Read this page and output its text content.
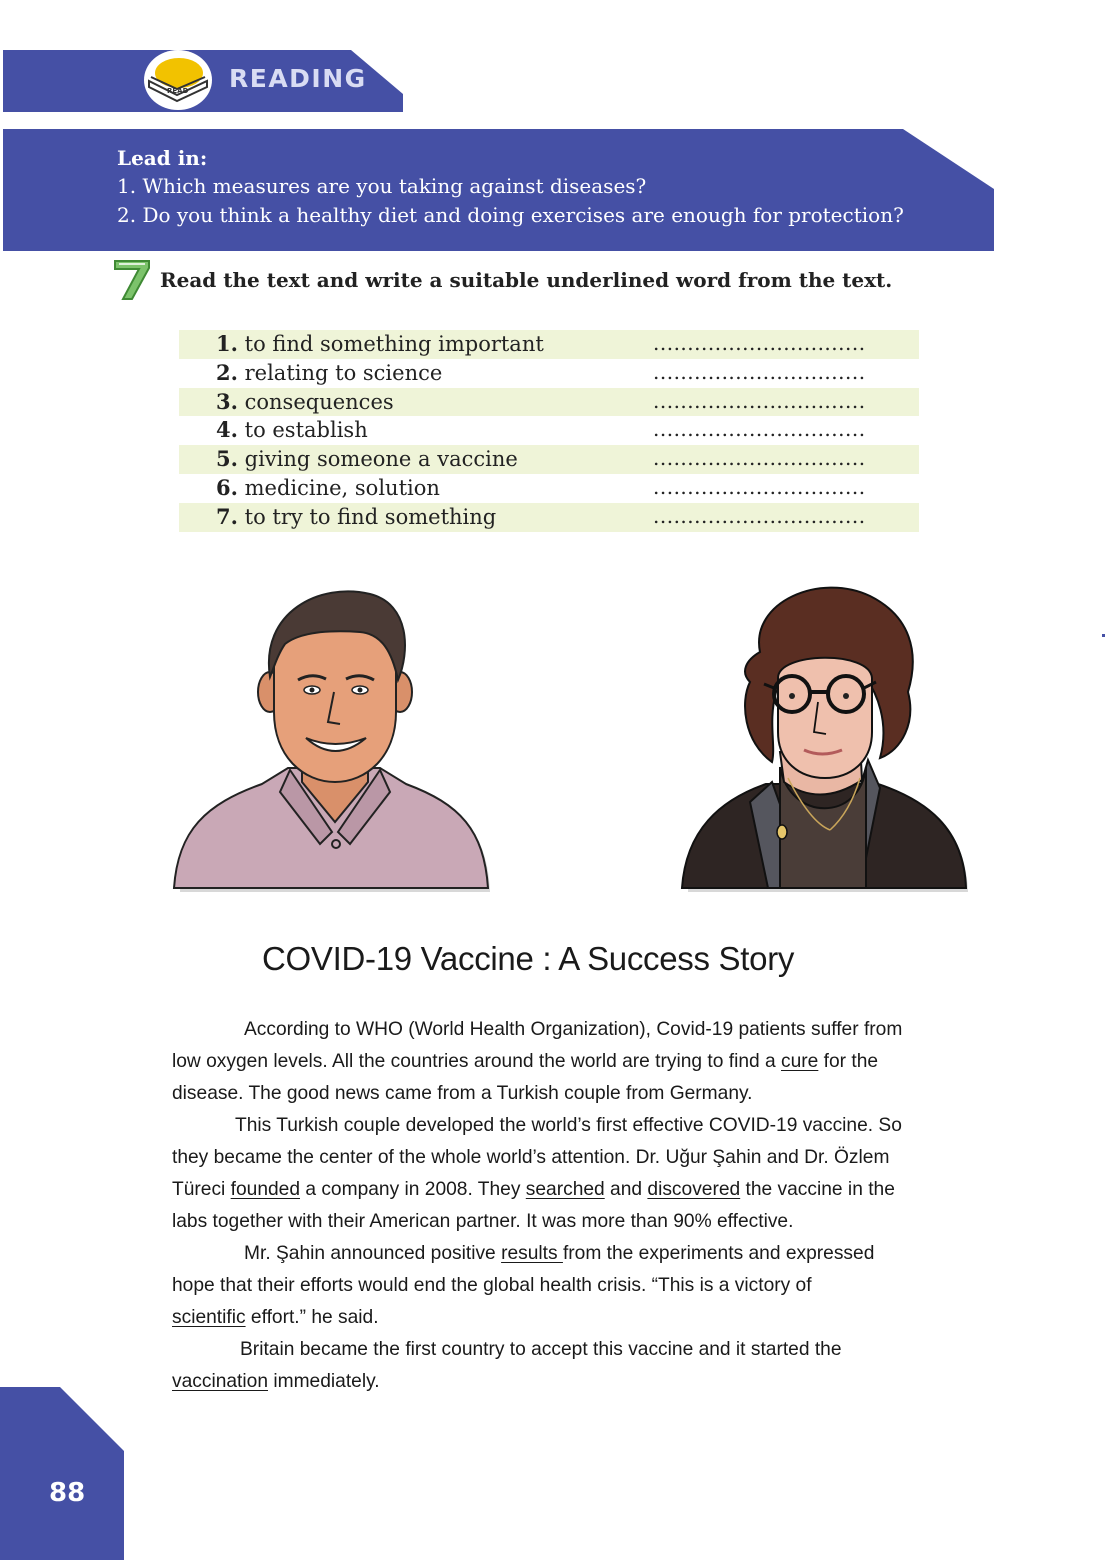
READ READING
Lead in:
1. Which measures are you taking against diseases?
2. Do you think a healthy diet and doing exercises are enough for protection?
Read the text and write a suitable underlined word from the text.
1. to find something important	...............................
2. relating to science	...............................
3. consequences	...............................
4. to establish	...............................
5. giving someone a vaccine	...............................
6. medicine, solution	...............................
7. to try to find something	...............................
COVID-19 Vaccine : A Success Story
According to WHO (World Health Organization), Covid-19 patients suffer from
low oxygen levels. All the countries around the world are trying to find a cure for the
disease. The good news came from a Turkish couple from Germany.
This Turkish couple developed the world’s first effective COVID-19 vaccine. So
they became the center of the whole world’s attention. Dr. Uğur Şahin and Dr. Özlem
Türeci founded a company in 2008. They searched and discovered the vaccine in the
labs together with their American partner. It was more than 90% effective.
Mr. Şahin announced positive results from the experiments and expressed
hope that their efforts would end the global health crisis. “This is a victory of
scientific effort.” he said.
Britain became the first country to accept this vaccine and it started the
vaccination immediately.
88
